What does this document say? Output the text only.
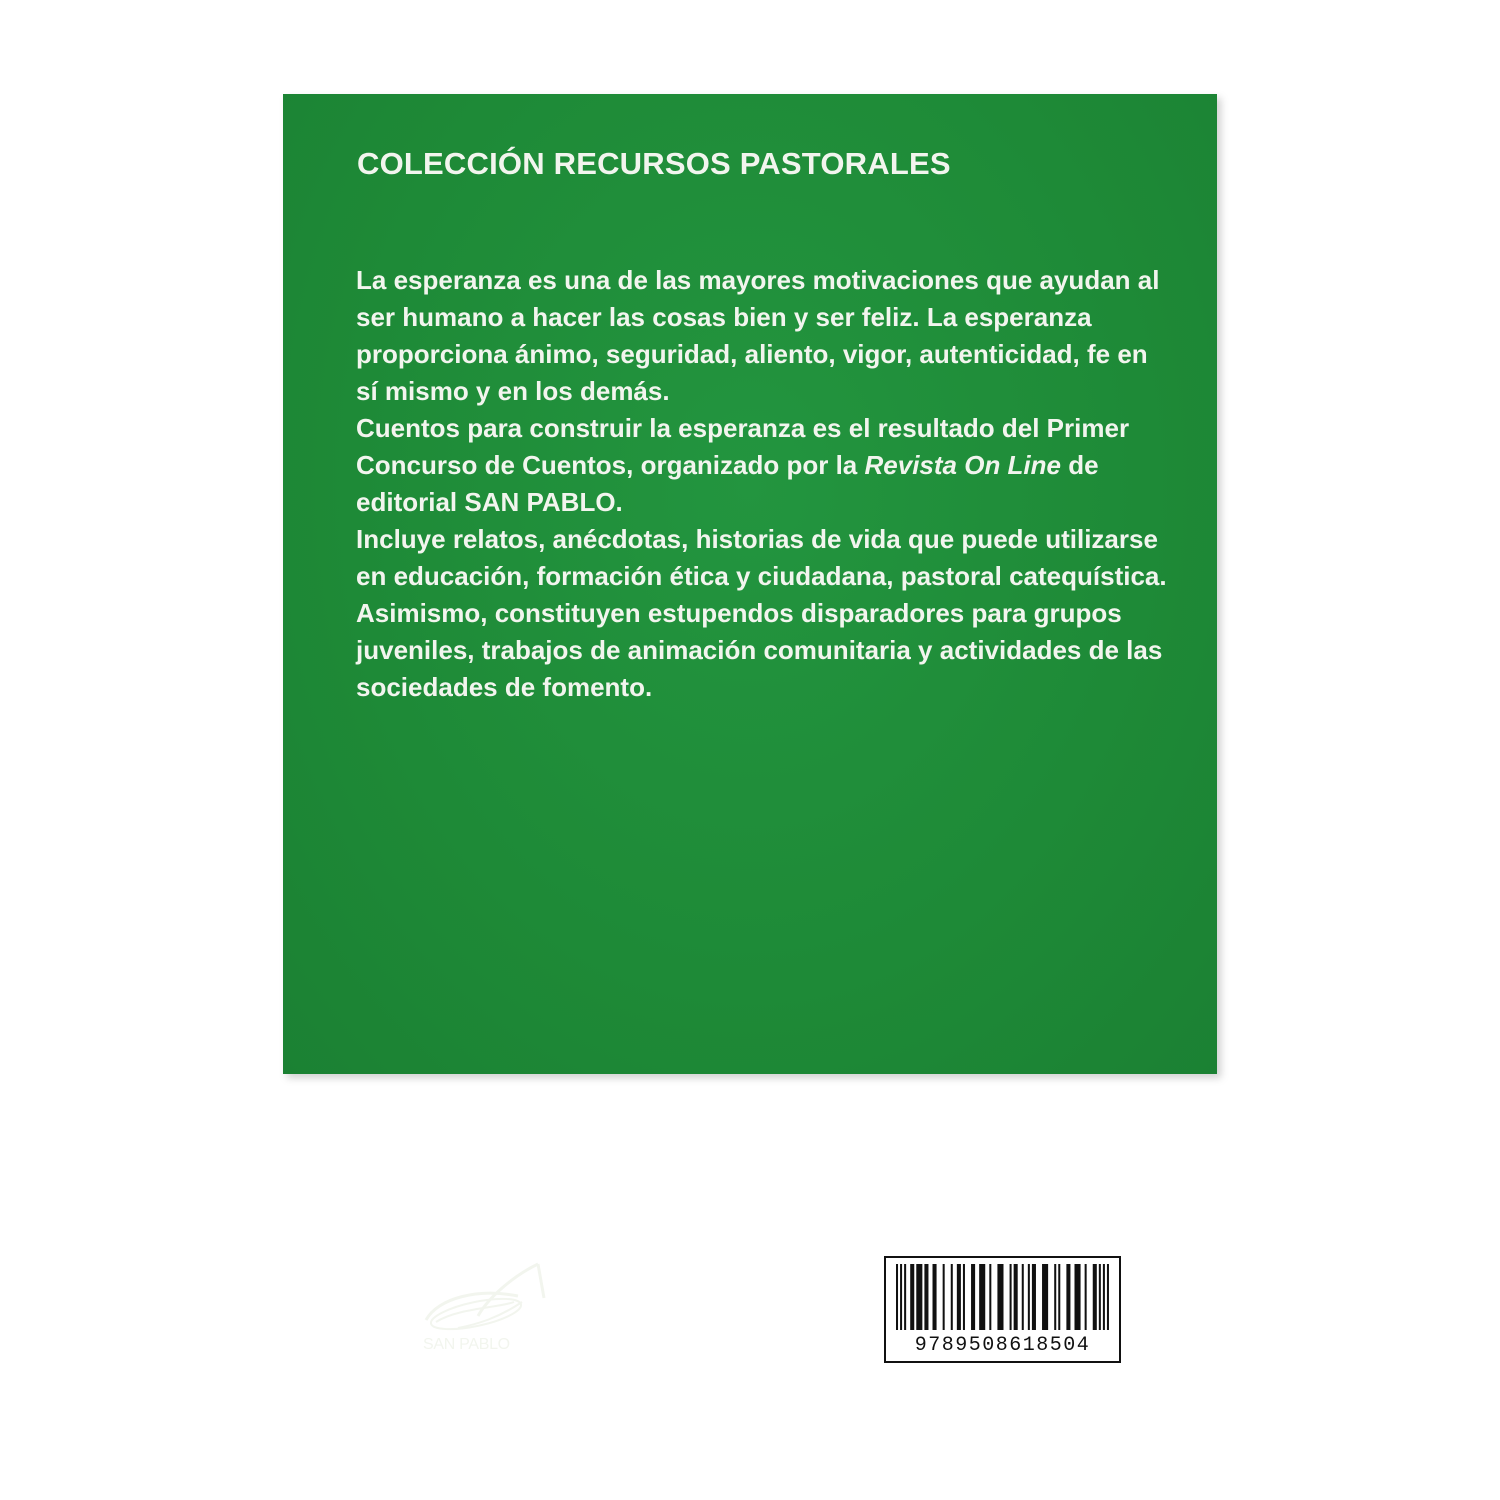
COLECCIÓN RECURSOS PASTORALES

La esperanza es una de las mayores motivaciones que ayudan al ser humano a hacer las cosas bien y ser feliz. La esperanza proporciona ánimo, seguridad, aliento, vigor, autenticidad, fe en sí mismo y en los demás.

Cuentos para construir la esperanza es el resultado del Primer Concurso de Cuentos, organizado por la Revista On Line de editorial SAN PABLO.

Incluye relatos, anécdotas, historias de vida que puede utilizarse en educación, formación ética y ciudadana, pastoral catequística. Asimismo, constituyen estupendos disparadores para grupos juveniles, trabajos de animación comunitaria y actividades de las sociedades de fomento.

SAN PABLO	9789508618504
